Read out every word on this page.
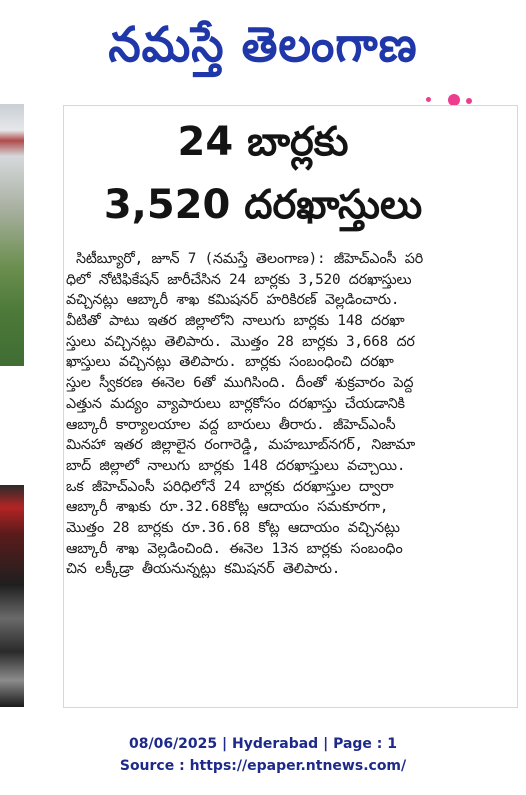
నమస్తే తెలంగాణ
24 బార్లకు
3,520 దరఖాస్తులు
సిటీబ్యూరో, జూన్ 7 (నమస్తే తెలంగాణ): జీహెచ్ఎంసీ పరి
ధిలో నోటిఫికేషన్ జారీచేసిన 24 బార్లకు 3,520 దరఖాస్తులు
వచ్చినట్లు ఆబ్కారీ శాఖ కమిషనర్ హరికిరణ్ వెల్లడించారు.
వీటితో పాటు ఇతర జిల్లాలోని నాలుగు బార్లకు 148 దరఖా
స్తులు వచ్చినట్లు తెలిపారు. మొత్తం 28 బార్లకు 3,668 దర
ఖాస్తులు వచ్చినట్లు తెలిపారు. బార్లకు సంబంధించి దరఖా
స్తుల స్వీకరణ ఈనెల 6తో ముగిసింది. దీంతో శుక్రవారం పెద్ద
ఎత్తున మద్యం వ్యాపారులు బార్లకోసం దరఖాస్తు చేయడానికి
ఆబ్కారీ కార్యాలయాల వద్ద బారులు తీరారు. జీహెచ్ఎంసీ
మినహా ఇతర జిల్లాలైన రంగారెడ్డి, మహబూబ్‌నగర్, నిజామా
బాద్ జిల్లాలో నాలుగు బార్లకు 148 దరఖాస్తులు వచ్చాయి.
ఒక జీహెచ్ఎంసీ పరిధిలోనే 24 బార్లకు దరఖాస్తుల ద్వారా
ఆబ్కారీ శాఖకు రూ.32.68కోట్ల ఆదాయం సమకూరగా,
మొత్తం 28 బార్లకు రూ.36.68 కోట్ల ఆదాయం వచ్చినట్లు
ఆబ్కారీ శాఖ వెల్లడించింది. ఈనెల 13న బార్లకు సంబంధిం
చిన లక్కీడ్రా తీయనున్నట్లు కమిషనర్ తెలిపారు.
08/06/2025 | Hyderabad | Page : 1
Source : https://epaper.ntnews.com/
